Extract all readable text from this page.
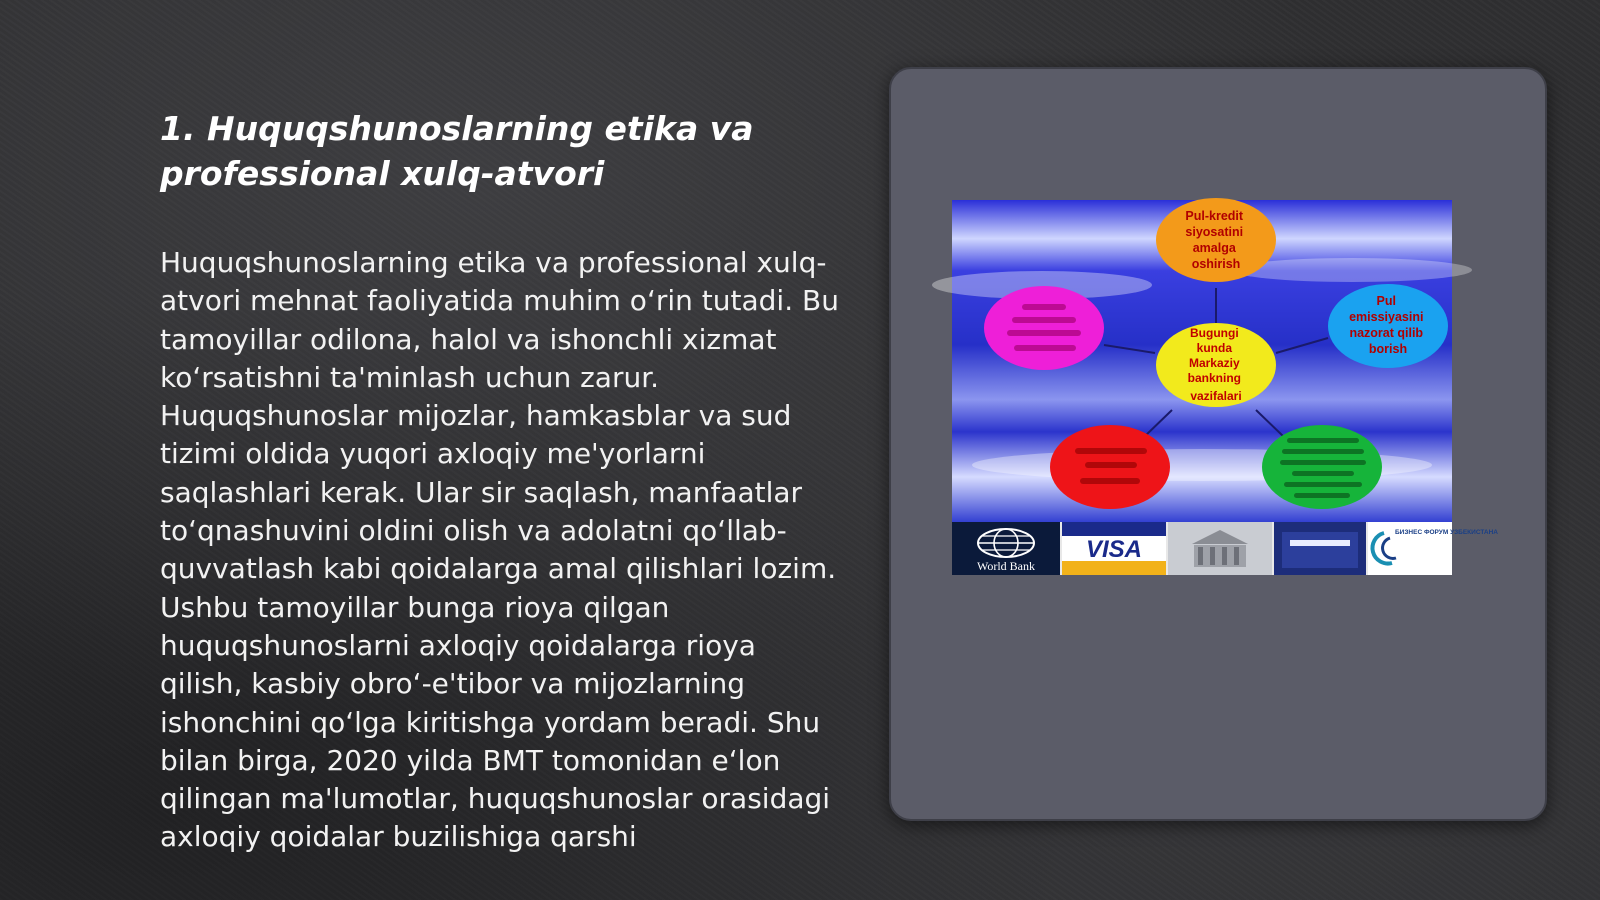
1. Huquqshunoslarning etika va professional xulq-atvori

Huquqshunoslarning etika va professional xulq-atvori mehnat faoliyatida muhim o‘rin tutadi. Bu tamoyillar odilona, halol va ishonchli xizmat ko‘rsatishni ta'minlash uchun zarur. Huquqshunoslar mijozlar, hamkasblar va sud tizimi oldida yuqori axloqiy me'yorlarni saqlashlari kerak. Ular sir saqlash, manfaatlar to‘qnashuvini oldini olish va adolatni qo‘llab-quvvatlash kabi qoidalarga amal qilishlari lozim. Ushbu tamoyillar bunga rioya qilgan huquqshunoslarni axloqiy qoidalarga rioya qilish, kasbiy obro‘-e'tibor va mijozlarning ishonchini qo‘lga kiritishga yordam beradi. Shu bilan birga, 2020 yilda BMT tomonidan e‘lon qilingan ma'lumotlar, huquqshunoslar orasidagi axloqiy qoidalar buzilishiga qarshi

Pul-kredit siyosatini amalga oshirish
Bugungi kunda Markaziy bankning vazifalari
Pul emissiyasini nazorat qilib borish
World Bank
VISA
БИЗНЕС ФОРУМ УЗБЕКИСТАНА
